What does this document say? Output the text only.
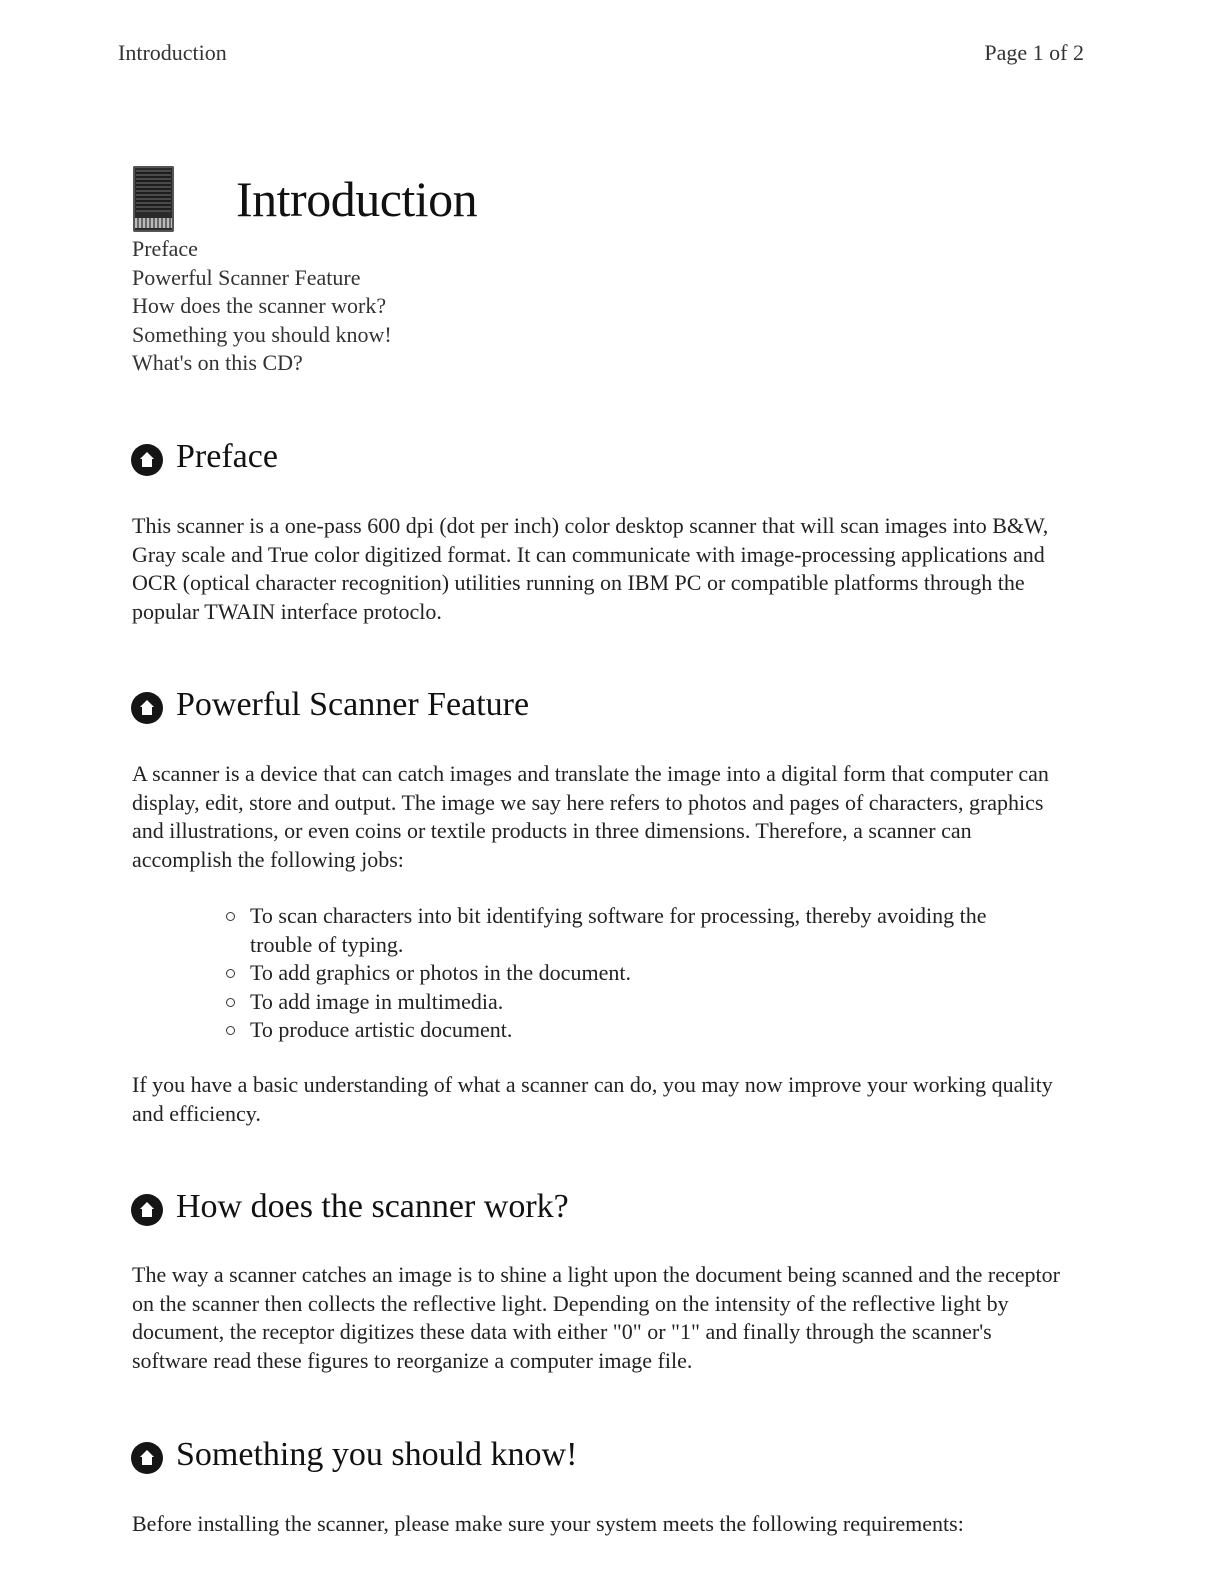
Introduction	Page 1 of 2
Introduction
Preface
Powerful Scanner Feature
How does the scanner work?
Something you should know!
What's on this CD?
Preface

This scanner is a one-pass 600 dpi (dot per inch) color desktop scanner that will scan images into B&W, Gray scale and True color digitized format. It can communicate with image-processing applications and OCR (optical character recognition) utilities running on IBM PC or compatible platforms through the popular TWAIN interface protoclo.

Powerful Scanner Feature

A scanner is a device that can catch images and translate the image into a digital form that computer can display, edit, store and output. The image we say here refers to photos and pages of characters, graphics and illustrations, or even coins or textile products in three dimensions. Therefore, a scanner can accomplish the following jobs:

To scan characters into bit identifying software for processing, thereby avoiding the trouble of typing.
To add graphics or photos in the document.
To add image in multimedia.
To produce artistic document.

If you have a basic understanding of what a scanner can do, you may now improve your working quality and efficiency.

How does the scanner work?

The way a scanner catches an image is to shine a light upon the document being scanned and the receptor on the scanner then collects the reflective light. Depending on the intensity of the reflective light by document, the receptor digitizes these data with either "0" or "1" and finally through the scanner's software read these figures to reorganize a computer image file.

Something you should know!

Before installing the scanner, please make sure your system meets the following requirements:
